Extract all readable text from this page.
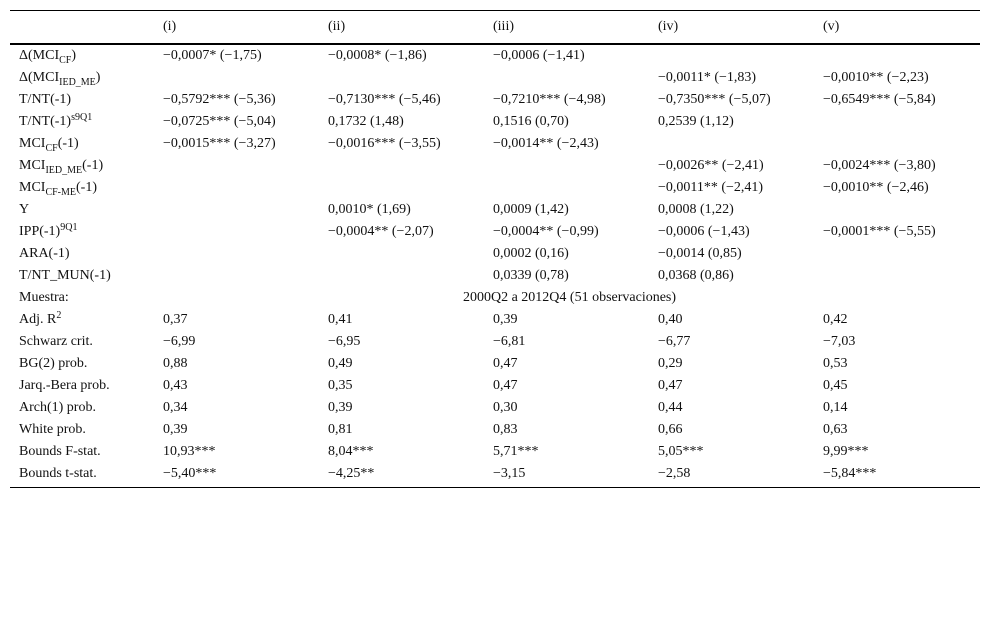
	(i)	(ii)	(iii)	(iv)	(v)
$\Delta(MCI_{CF})$	−0,0007* (−1,75)	−0,0008* (−1,86)	−0,0006 (−1,41)		
$\Delta(MCI_{IED\_ME})$				−0,0011* (−1,83)	−0,0010** (−2,23)
T/NT(-1)	−0,5792*** (−5,36)	−0,7130*** (−5,46)	−0,7210*** (−4,98)	−0,7350*** (−5,07)	−0,6549*** (−5,84)
$T/NT(-1)^{s9Q1}$	−0,0725*** (−5,04)	0,1732 (1,48)	0,1516 (0,70)	0,2539 (1,12)	
$MCI_{CF}(-1)$	−0,0015*** (−3,27)	−0,0016*** (−3,55)	−0,0014** (−2,43)		
$MCI_{IED\_ME}(-1)$				−0,0026** (−2,41)	−0,0024*** (−3,80)
$MCI_{CF-ME}(-1)$				−0,0011** (−2,41)	−0,0010** (−2,46)
Y		0,0010* (1,69)	0,0009 (1,42)	0,0008 (1,22)	
$IPP(-1)^{9Q1}$		−0,0004** (−2,07)	−0,0004** (−0,99)	−0,0006 (−1,43)	−0,0001*** (−5,55)
ARA(-1)			0,0002 (0,16)	−0,0014 (0,85)	
T/NT_MUN(-1)			0,0339 (0,78)	0,0368 (0,86)	
Muestra:	2000Q2 a 2012Q4 (51 observaciones)				
Adj. $R^2$	0,37	0,41	0,39	0,40	0,42
Schwarz crit.	−6,99	−6,95	−6,81	−6,77	−7,03
BG(2) prob.	0,88	0,49	0,47	0,29	0,53
Jarq.-Bera prob.	0,43	0,35	0,47	0,47	0,45
Arch(1) prob.	0,34	0,39	0,30	0,44	0,14
White prob.	0,39	0,81	0,83	0,66	0,63
Bounds F-stat.	10,93***	8,04***	5,71***	5,05***	9,99***
Bounds t-stat.	−5,40***	−4,25**	−3,15	−2,58	−5,84***
